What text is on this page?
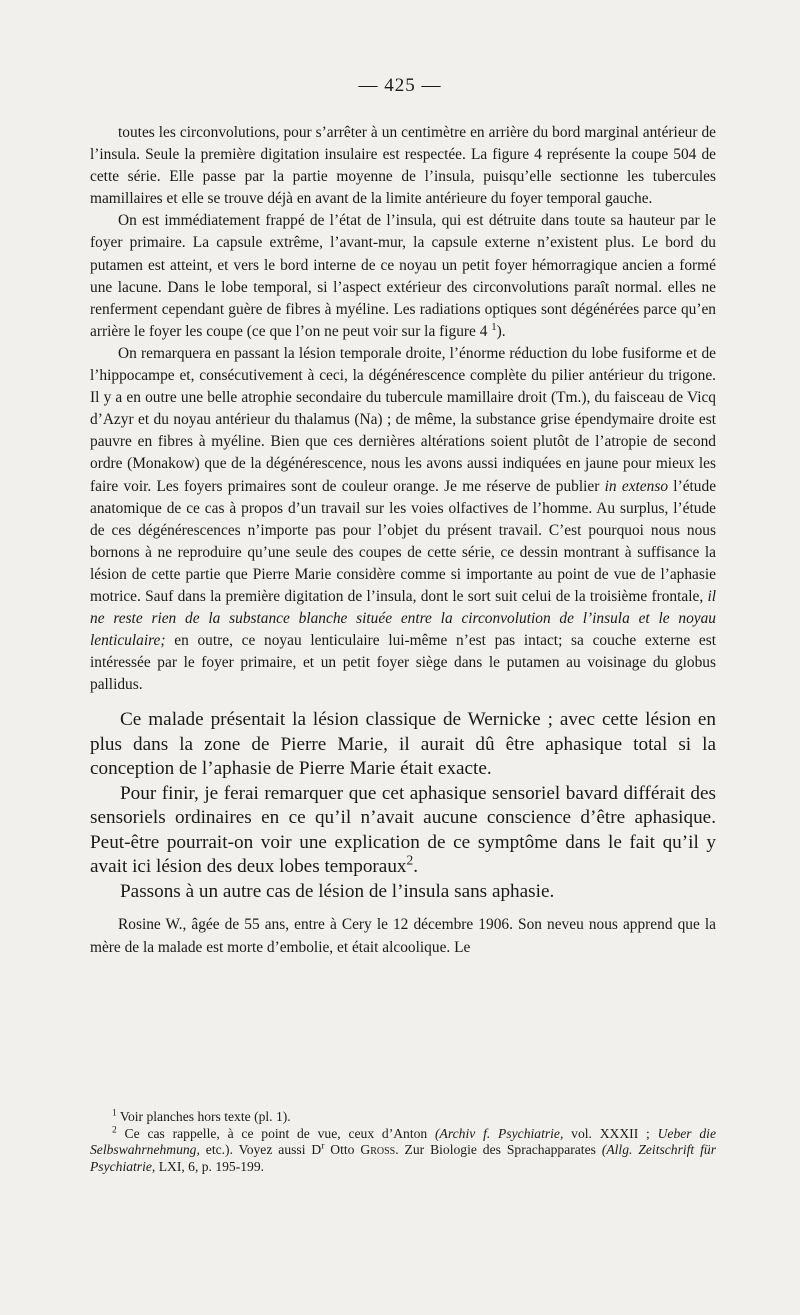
— 425 —

toutes les circonvolutions, pour s’arrêter à un centimètre en arrière du bord marginal antérieur de l’insula. Seule la première digitation insulaire est respectée. La figure 4 représente la coupe 504 de cette série. Elle passe par la partie moyenne de l’insula, puisqu’elle sectionne les tubercules mamillaires et elle se trouve déjà en avant de la limite antérieure du foyer temporal gauche.

On est immédiatement frappé de l’état de l’insula, qui est détruite dans toute sa hauteur par le foyer primaire. La capsule extrême, l’avant-mur, la capsule externe n’existent plus. Le bord du putamen est atteint, et vers le bord interne de ce noyau un petit foyer hémorragique ancien a formé une lacune. Dans le lobe temporal, si l’aspect extérieur des circonvolutions paraît normal. elles ne renferment cependant guère de fibres à myéline. Les radiations optiques sont dégénérées parce qu’en arrière le foyer les coupe (ce que l’on ne peut voir sur la figure 4 $^1$).

On remarquera en passant la lésion temporale droite, l’énorme réduction du lobe fusiforme et de l’hippocampe et, consécutivement à ceci, la dégénérescence complète du pilier antérieur du trigone. Il y a en outre une belle atrophie secondaire du tubercule mamillaire droit (Tm.), du faisceau de Vicq d’Azyr et du noyau antérieur du thalamus (Na) ; de même, la substance grise épendymaire droite est pauvre en fibres à myéline. Bien que ces dernières altérations soient plutôt de l’atropie de second ordre (Monakow) que de la dégénérescence, nous les avons aussi indiquées en jaune pour mieux les faire voir. Les foyers primaires sont de couleur orange. Je me réserve de publier in extenso l’étude anatomique de ce cas à propos d’un travail sur les voies olfactives de l’homme. Au surplus, l’étude de ces dégénérescences n’importe pas pour l’objet du présent travail. C’est pourquoi nous nous bornons à ne reproduire qu’une seule des coupes de cette série, ce dessin montrant à suffisance la lésion de cette partie que Pierre Marie considère comme si importante au point de vue de l’aphasie motrice. Sauf dans la première digitation de l’insula, dont le sort suit celui de la troisième frontale, il ne reste rien de la substance blanche située entre la circonvolution de l’insula et le noyau lenticulaire; en outre, ce noyau lenticulaire lui-même n’est pas intact; sa couche externe est intéressée par le foyer primaire, et un petit foyer siège dans le putamen au voisinage du globus pallidus.

Ce malade présentait la lésion classique de Wernicke ; avec cette lésion en plus dans la zone de Pierre Marie, il aurait dû être aphasique total si la conception de l’aphasie de Pierre Marie était exacte.

Pour finir, je ferai remarquer que cet aphasique sensoriel bavard différait des sensoriels ordinaires en ce qu’il n’avait aucune conscience d’être aphasique. Peut-être pourrait-on voir une explication de ce symptôme dans le fait qu’il y avait ici lésion des deux lobes temporaux$^2$.

Passons à un autre cas de lésion de l’insula sans aphasie.

Rosine W., âgée de 55 ans, entre à Cery le 12 décembre 1906. Son neveu nous apprend que la mère de la malade est morte d’embolie, et était alcoolique. Le

$^1$ Voir planches hors texte (pl. 1).

$^2$ Ce cas rappelle, à ce point de vue, ceux d’Anton (Archiv f. Psychiatrie, vol. XXXII ; Ueber die Selbswahrnehmung, etc.). Voyez aussi $D^r$ Otto Gross. Zur Biologie des Sprachapparates (Allg. Zeitschrift für Psychiatrie, LXI, 6, p. 195-199.
